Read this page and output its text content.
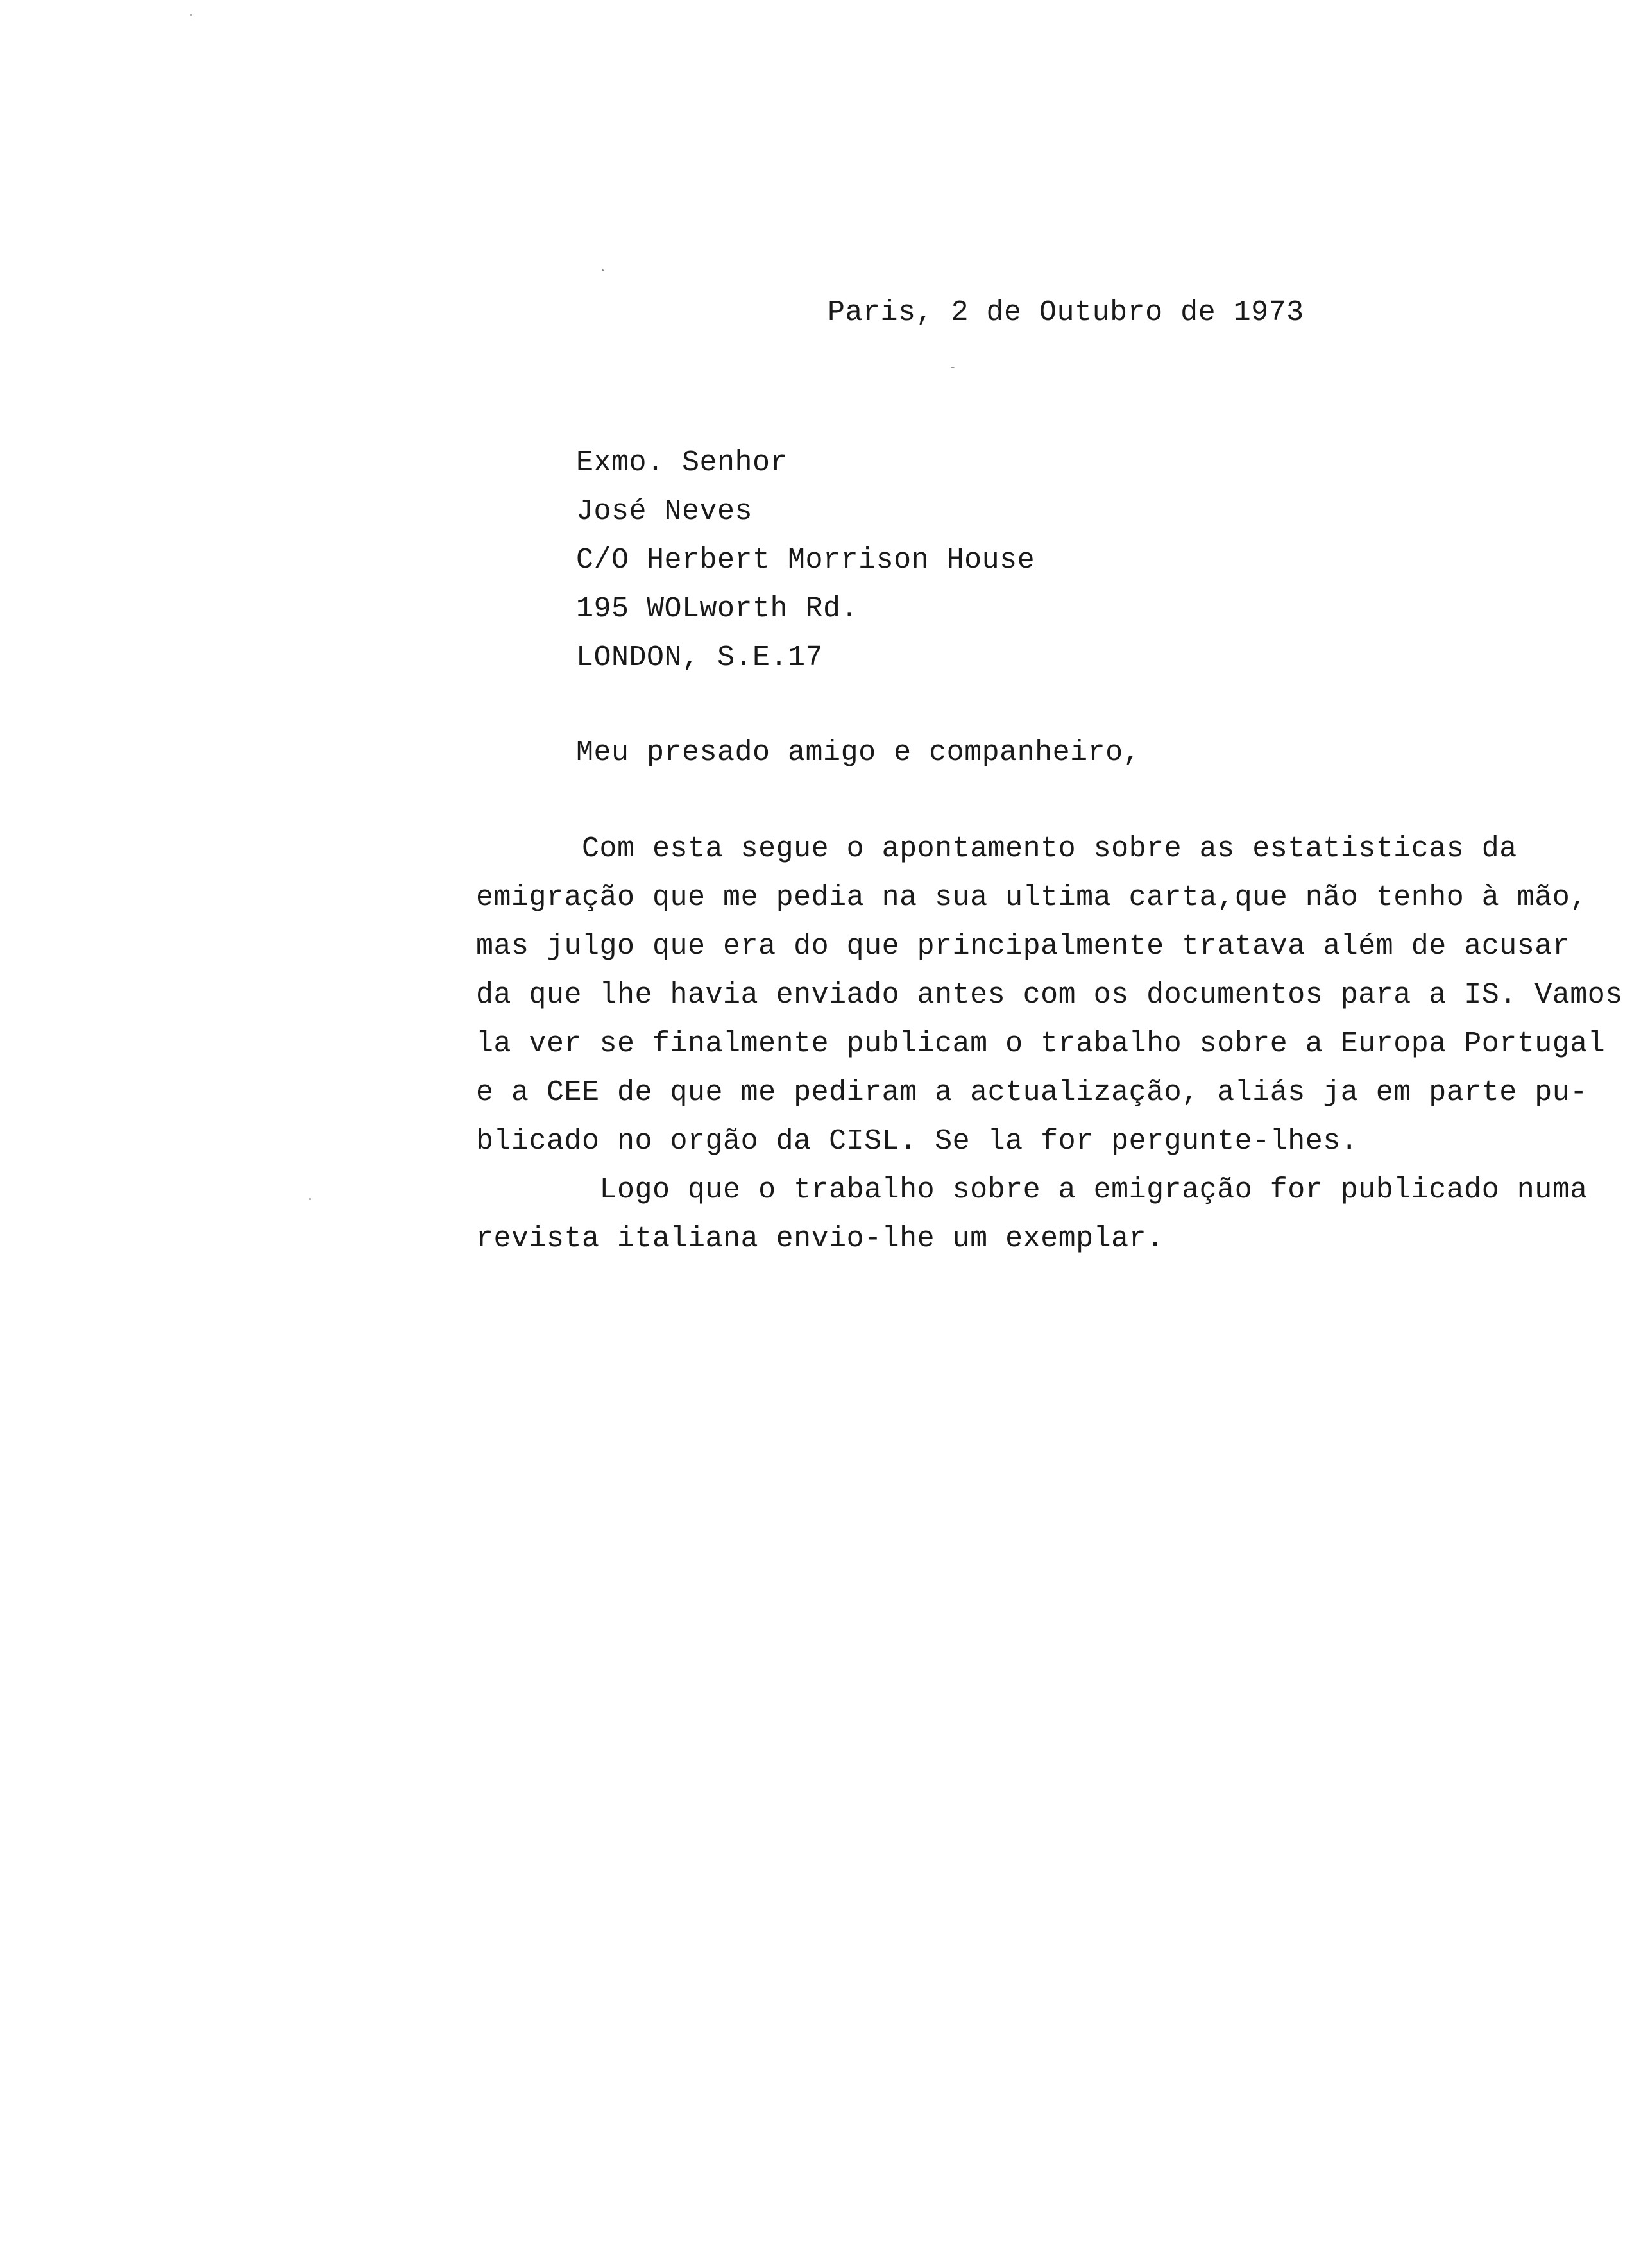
Paris, 2 de Outubro de 1973
Exmo. Senhor
José Neves
C/O Herbert Morrison House
195 WOLworth Rd.
LONDON, S.E.17
Meu presado amigo e companheiro,
Com esta segue o apontamento sobre as estatisticas da
emigração que me pedia na sua ultima carta,que não tenho à mão,
mas julgo que era do que principalmente tratava além de acusar
da que lhe havia enviado antes com os documentos para a IS. Vamos
la ver se finalmente publicam o trabalho sobre a Europa Portugal
e a CEE de que me pediram a actualização, aliás ja em parte pu-
blicado no orgão da CISL. Se la for pergunte-lhes.
Logo que o trabalho sobre a emigração for publicado numa
revista italiana envio-lhe um exemplar.
